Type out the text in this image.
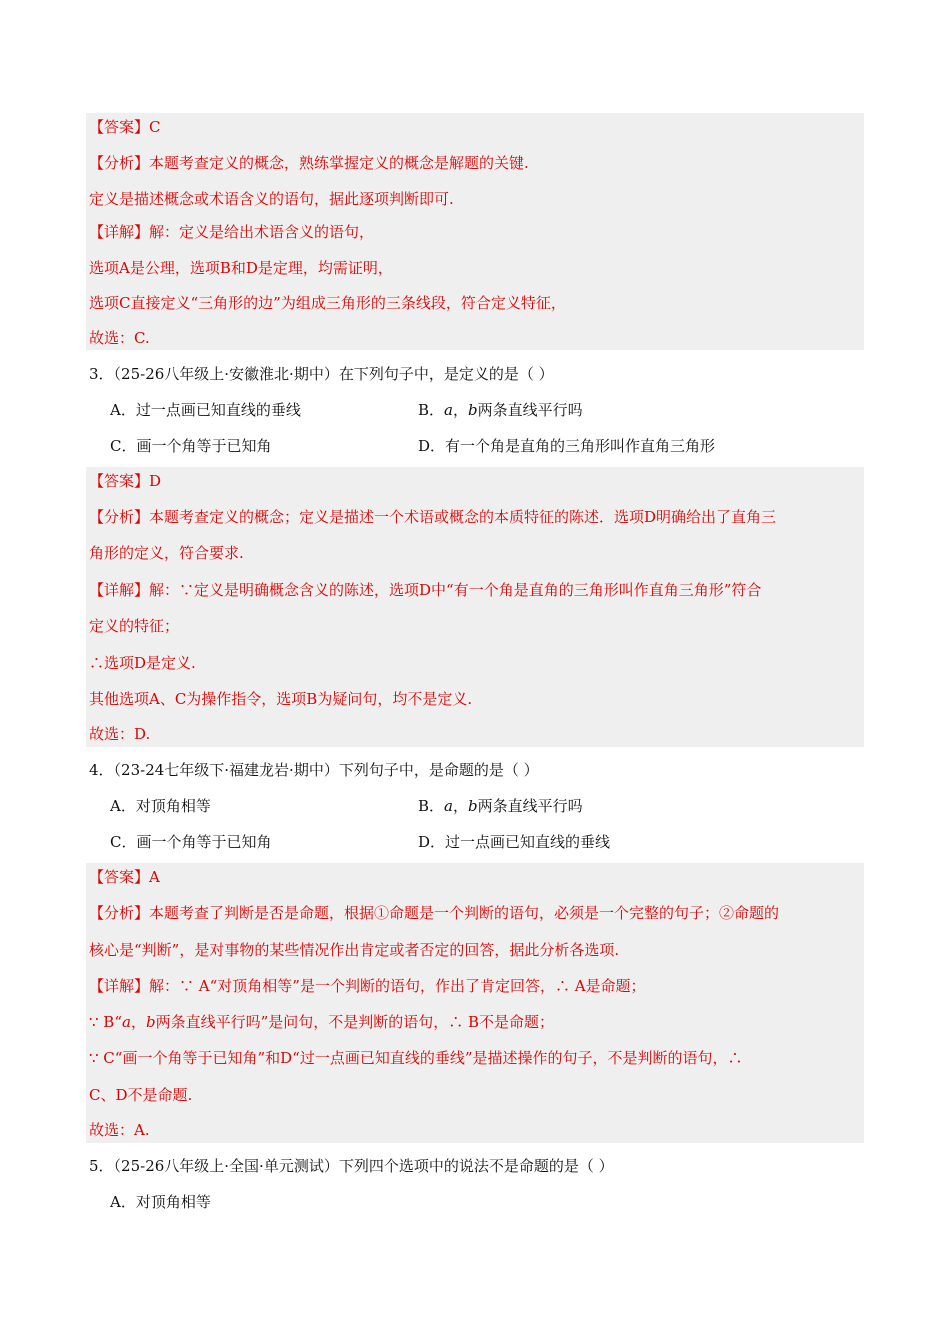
【答案】C
【分析】本题考查定义的概念，熟练掌握定义的概念是解题的关键.
定义是描述概念或术语含义的语句，据此逐项判断即可.
【详解】解：定义是给出术语含义的语句，
选项A是公理，选项B和D是定理，均需证明，
选项C直接定义“三角形的边”为组成三角形的三条线段，符合定义特征，
故选：C.
3．（25-26八年级上·安徽淮北·期中）在下列句子中，是定义的是（ ）
A．过一点画已知直线的垂线	B．a，b两条直线平行吗
C．画一个角等于已知角	D．有一个角是直角的三角形叫作直角三角形
【答案】D
【分析】本题考查定义的概念；定义是描述一个术语或概念的本质特征的陈述．选项D明确给出了直角三
角形的定义，符合要求.
【详解】解：∵定义是明确概念含义的陈述，选项D中“有一个角是直角的三角形叫作直角三角形”符合
定义的特征；
∴选项D是定义.
其他选项A、C为操作指令，选项B为疑问句，均不是定义.
故选：D.
4．（23-24七年级下·福建龙岩·期中）下列句子中，是命题的是（ ）
A．对顶角相等	B．a，b两条直线平行吗
C．画一个角等于已知角	D．过一点画已知直线的垂线
【答案】A
【分析】本题考查了判断是否是命题，根据①命题是一个判断的语句，必须是一个完整的句子；②命题的
核心是“判断”，是对事物的某些情况作出肯定或者否定的回答，据此分析各选项.
【详解】解：∵ A“对顶角相等”是一个判断的语句，作出了肯定回答，∴ A是命题；
∵ B“a，b两条直线平行吗”是问句，不是判断的语句，∴ B不是命题；
∵ C“画一个角等于已知角”和D“过一点画已知直线的垂线”是描述操作的句子，不是判断的语句，∴
C、D不是命题.
故选：A.
5．（25-26八年级上·全国·单元测试）下列四个选项中的说法不是命题的是（ ）
A．对顶角相等
